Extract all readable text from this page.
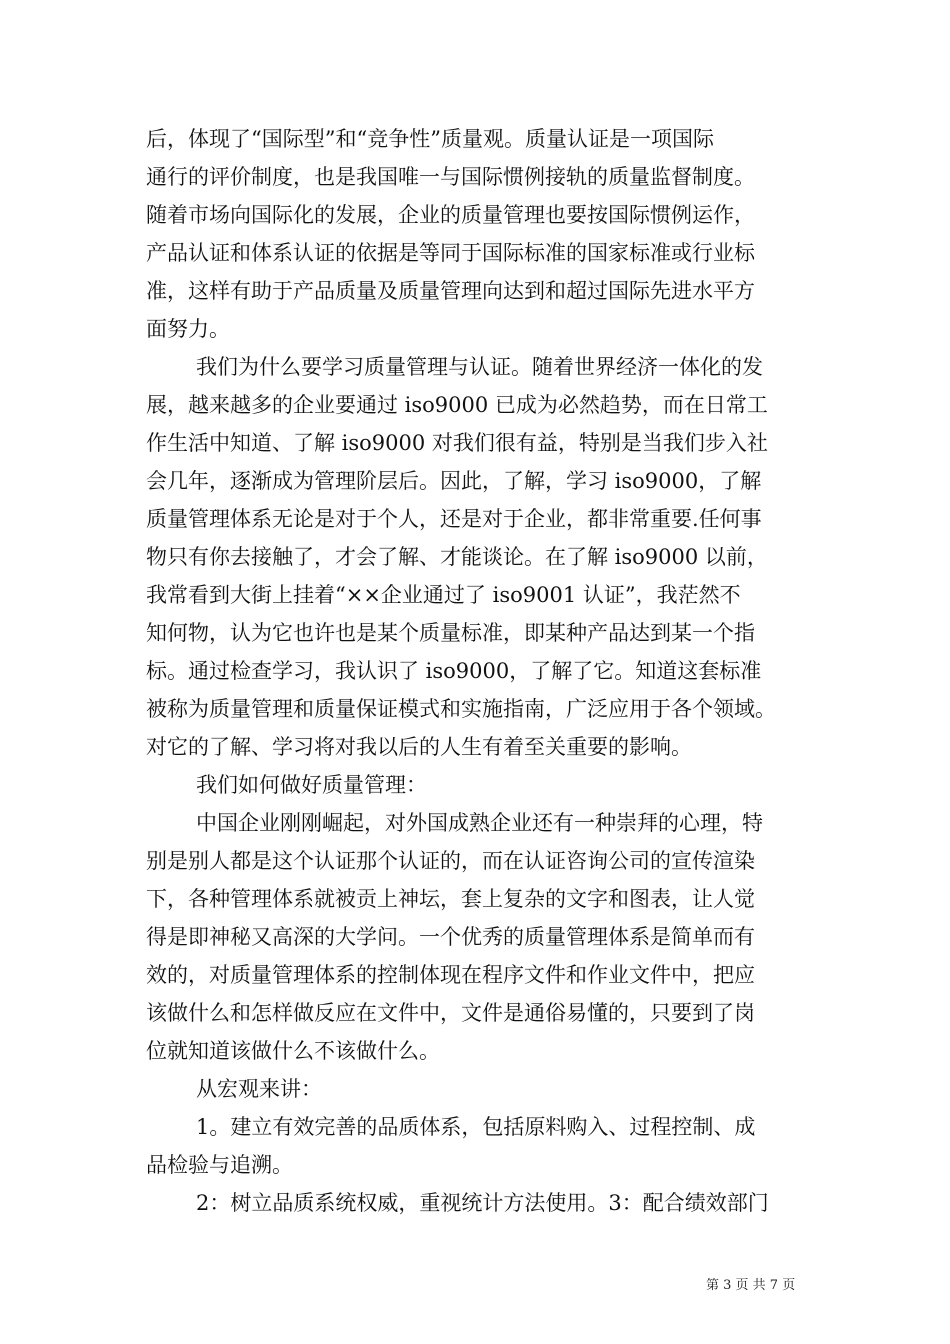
后，体现了“国际型”和“竞争性”质量观。质量认证是一项国际
通行的评价制度，也是我国唯一与国际惯例接轨的质量监督制度。
随着市场向国际化的发展，企业的质量管理也要按国际惯例运作，
产品认证和体系认证的依据是等同于国际标准的国家标准或行业标
准，这样有助于产品质量及质量管理向达到和超过国际先进水平方
面努力。
我们为什么要学习质量管理与认证。随着世界经济一体化的发
展，越来越多的企业要通过 iso9000 已成为必然趋势，而在日常工
作生活中知道、了解 iso9000 对我们很有益，特别是当我们步入社
会几年，逐渐成为管理阶层后。因此，了解，学习 iso9000，了解
质量管理体系无论是对于个人，还是对于企业，都非常重要.任何事
物只有你去接触了，才会了解、才能谈论。在了解 iso9000 以前，
我常看到大街上挂着“××企业通过了 iso9001 认证”，我茫然不
知何物，认为它也许也是某个质量标准，即某种产品达到某一个指
标。通过检查学习，我认识了 iso9000，了解了它。知道这套标准
被称为质量管理和质量保证模式和实施指南，广泛应用于各个领域。
对它的了解、学习将对我以后的人生有着至关重要的影响。
我们如何做好质量管理：
中国企业刚刚崛起，对外国成熟企业还有一种崇拜的心理，特
别是别人都是这个认证那个认证的，而在认证咨询公司的宣传渲染
下，各种管理体系就被贡上神坛，套上复杂的文字和图表，让人觉
得是即神秘又高深的大学问。一个优秀的质量管理体系是简单而有
效的，对质量管理体系的控制体现在程序文件和作业文件中，把应
该做什么和怎样做反应在文件中，文件是通俗易懂的，只要到了岗
位就知道该做什么不该做什么。
从宏观来讲：
1。建立有效完善的品质体系，包括原料购入、过程控制、成
品检验与追溯。
2：树立品质系统权威，重视统计方法使用。3：配合绩效部门
第 3 页 共 7 页
